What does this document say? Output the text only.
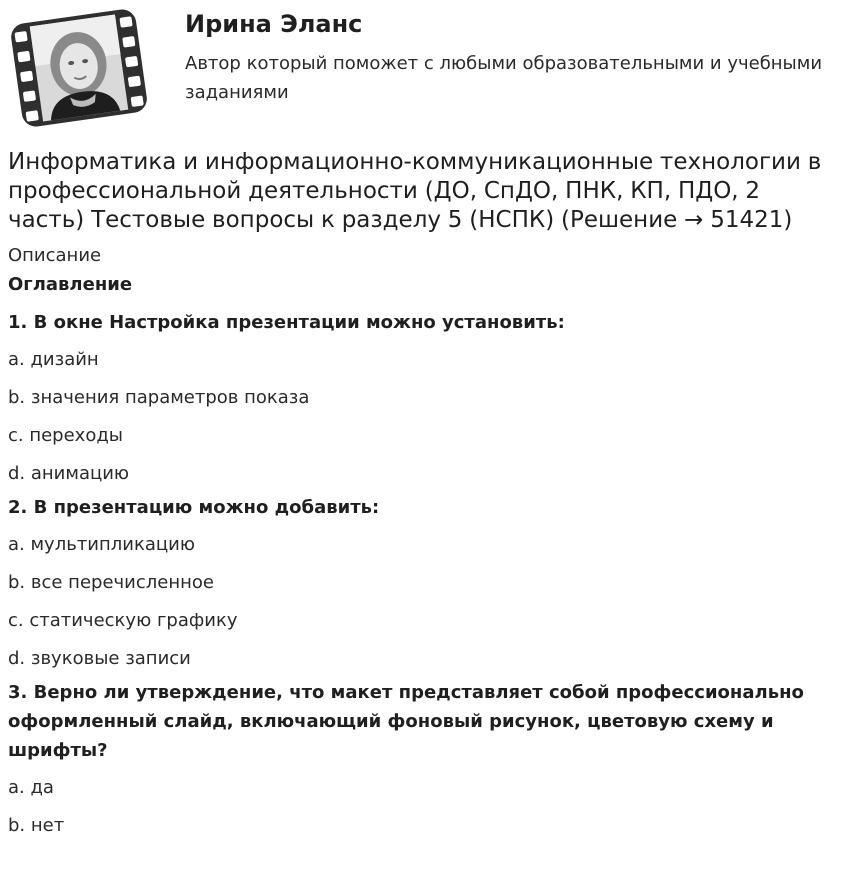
Ирина Эланс
Автор который поможет с любыми образовательными и учебными заданиями
Информатика и информационно-коммуникационные технологии в профессиональной деятельности (ДО, СпДО, ПНК, КП, ПДО, 2 часть) Тестовые вопросы к разделу 5 (НСПК) (Решение → 51421)
Описание
Оглавление
1. В окне Настройка презентации можно установить:
a. дизайн
b. значения параметров показа
c. переходы
d. анимацию
2. В презентацию можно добавить:
a. мультипликацию
b. все перечисленное
c. статическую графику
d. звуковые записи
3. Верно ли утверждение, что макет представляет собой профессионально оформленный слайд, включающий фоновый рисунок, цветовую схему и шрифты?
a. да
b. нет
